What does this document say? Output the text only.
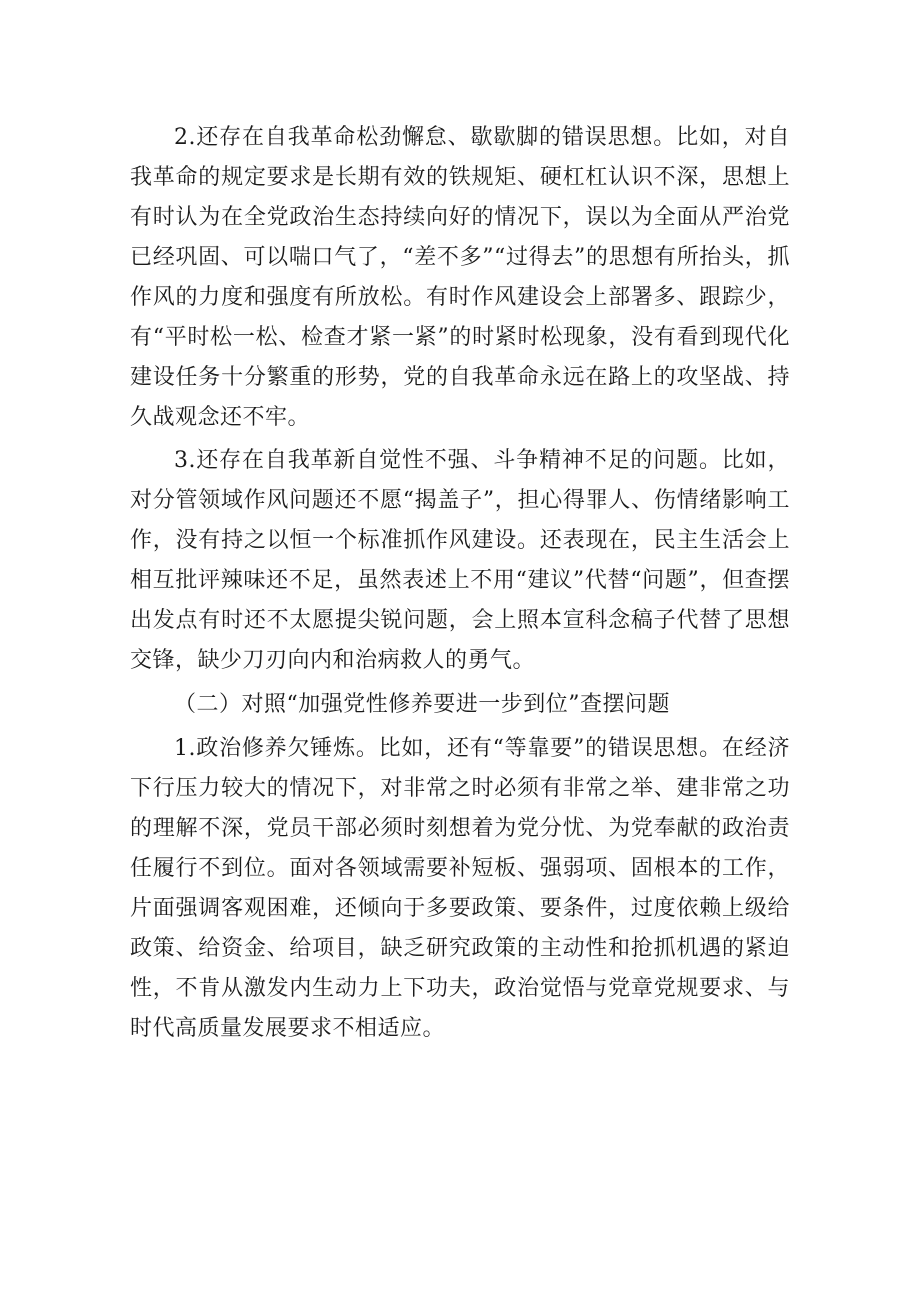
2.还存在自我革命松劲懈怠、歇歇脚的错误思想。比如，对自我革命的规定要求是长期有效的铁规矩、硬杠杠认识不深，思想上有时认为在全党政治生态持续向好的情况下，误以为全面从严治党已经巩固、可以喘口气了，“差不多”“过得去”的思想有所抬头，抓作风的力度和强度有所放松。有时作风建设会上部署多、跟踪少，有“平时松一松、检查才紧一紧”的时紧时松现象，没有看到现代化建设任务十分繁重的形势，党的自我革命永远在路上的攻坚战、持久战观念还不牢。

3.还存在自我革新自觉性不强、斗争精神不足的问题。比如，对分管领域作风问题还不愿“揭盖子”，担心得罪人、伤情绪影响工作，没有持之以恒一个标准抓作风建设。还表现在，民主生活会上相互批评辣味还不足，虽然表述上不用“建议”代替“问题”，但查摆出发点有时还不太愿提尖锐问题，会上照本宣科念稿子代替了思想交锋，缺少刀刃向内和治病救人的勇气。

（二）对照“加强党性修养要进一步到位”查摆问题

1.政治修养欠锤炼。比如，还有“等靠要”的错误思想。在经济下行压力较大的情况下，对非常之时必须有非常之举、建非常之功的理解不深，党员干部必须时刻想着为党分忧、为党奉献的政治责任履行不到位。面对各领域需要补短板、强弱项、固根本的工作，片面强调客观困难，还倾向于多要政策、要条件，过度依赖上级给政策、给资金、给项目，缺乏研究政策的主动性和抢抓机遇的紧迫性，不肯从激发内生动力上下功夫，政治觉悟与党章党规要求、与时代高质量发展要求不相适应。
